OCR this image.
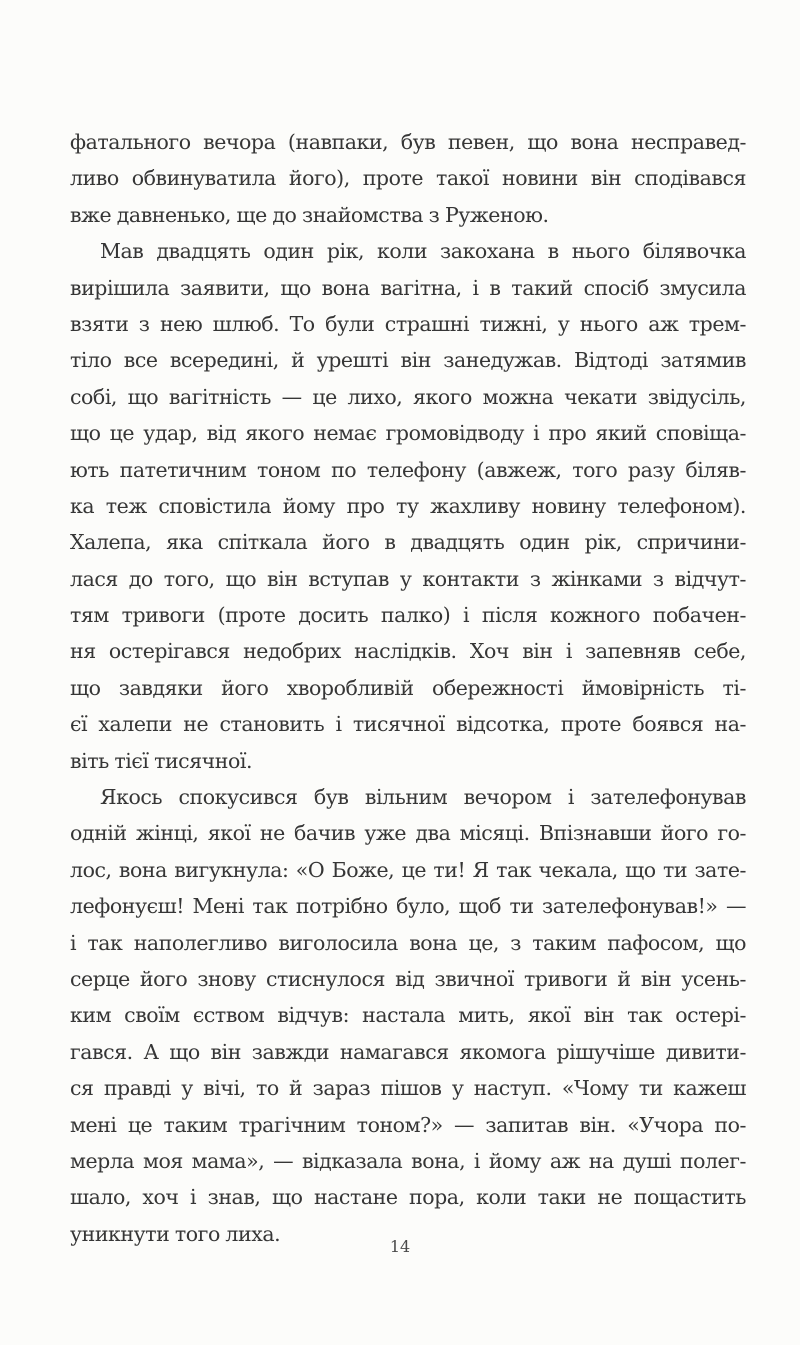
фатального вечора (навпаки, був певен, що вона несправед-
ливо обвинуватила його), проте такої новини він сподівався
вже давненько, ще до знайомства з Руженою.
Мав двадцять один рік, коли закохана в нього білявочка
вирішила заявити, що вона вагітна, і в такий спосіб змусила
взяти з нею шлюб. То були страшні тижні, у нього аж трем-
тіло все всередині, й урешті він занедужав. Відтоді затямив
собі, що вагітність — це лихо, якого можна чекати звідусіль,
що це удар, від якого немає громовідводу і про який сповіща-
ють патетичним тоном по телефону (авжеж, того разу біляв-
ка теж сповістила йому про ту жахливу новину телефоном).
Халепа, яка спіткала його в двадцять один рік, спричини-
лася до того, що він вступав у контакти з жінками з відчут-
тям тривоги (проте досить палко) і після кожного побачен-
ня остерігався недобрих наслідків. Хоч він і запевняв себе,
що завдяки його хворобливій обережності ймовірність ті-
єї халепи не становить і тисячної відсотка, проте боявся на-
віть тієї тисячної.
Якось спокусився був вільним вечором і зателефонував
одній жінці, якої не бачив уже два місяці. Впізнавши його го-
лос, вона вигукнула: «О Боже, це ти! Я так чекала, що ти зате-
лефонуєш! Мені так потрібно було, щоб ти зателефонував!» —
і так наполегливо виголосила вона це, з таким пафосом, що
серце його знову стиснулося від звичної тривоги й він усень-
ким своїм єством відчув: настала мить, якої він так остері-
гався. А що він завжди намагався якомога рішучіше дивити-
ся правді у вічі, то й зараз пішов у наступ. «Чому ти кажеш
мені це таким трагічним тоном?» — запитав він. «Учора по-
мерла моя мама», — відказала вона, і йому аж на душі полег-
шало, хоч і знав, що настане пора, коли таки не пощастить
уникнути того лиха.
14
